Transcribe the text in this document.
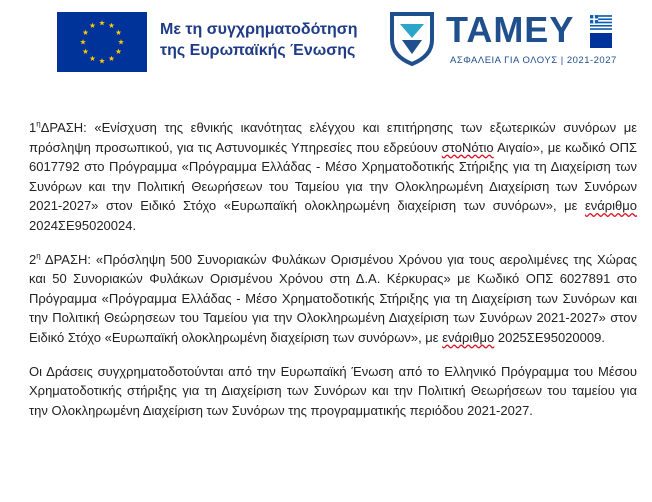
★ ★
★
★
★
★
★
★
★
★
★
★	Με τη συγχρηματοδότηση
της Ευρωπαϊκής Ένωσης
ΤΑΜΕΥ
ΑΣΦΑΛΕΙΑ ΓΙΑ ΟΛΟΥΣ | 2021-2027

$1^\eta\Delta PA\Sigma H$: «Ενίσχυση της εθνικής ικανότητας ελέγχου και επιτήρησης των εξωτερικών συνόρων με πρόσληψη προσωπικού, για τις Αστυνομικές Υπηρεσίες που εδρεύουν στοΝότιο Αιγαίο», με κωδικό ΟΠΣ 6017792 στο Πρόγραμμα «Πρόγραμμα Ελλάδας - Μέσο Χρηματοδοτικής Στήριξης για τη Διαχείριση των Συνόρων και την Πολιτική Θεωρήσεων του Ταμείου για την Ολοκληρωμένη Διαχείριση των Συνόρων 2021-2027» στον Ειδικό Στόχο «Ευρωπαϊκή ολοκληρωμένη διαχείριση των συνόρων», με ενάριθμο 2024ΣΕ95020024.

$2^\eta$ ΔΡΑΣΗ: «Πρόσληψη 500 Συνοριακών Φυλάκων Ορισμένου Χρόνου για τους αερολιμένες της Χώρας και 50 Συνοριακών Φυλάκων Ορισμένου Χρόνου στη Δ.Α. Κέρκυρας» με Κωδικό ΟΠΣ 6027891 στο Πρόγραμμα «Πρόγραμμα Ελλάδας - Μέσο Χρηματοδοτικής Στήριξης για τη Διαχείριση των Συνόρων και την Πολιτική Θεώρησεων του Ταμείου για την Ολοκληρωμένη Διαχείριση των Συνόρων 2021-2027» στον Ειδικό Στόχο «Ευρωπαϊκή ολοκληρωμένη διαχείριση των συνόρων», με ενάριθμο 2025ΣΕ95020009.

Οι Δράσεις συγχρηματοδοτούνται από την Ευρωπαϊκή Ένωση από το Ελληνικό Πρόγραμμα του Μέσου Χρηματοδοτικής στήριξης για τη Διαχείριση των Συνόρων και την Πολιτική Θεωρήσεων του ταμείου για την Ολοκληρωμένη Διαχείριση των Συνόρων της προγραμματικής περιόδου 2021-2027.
